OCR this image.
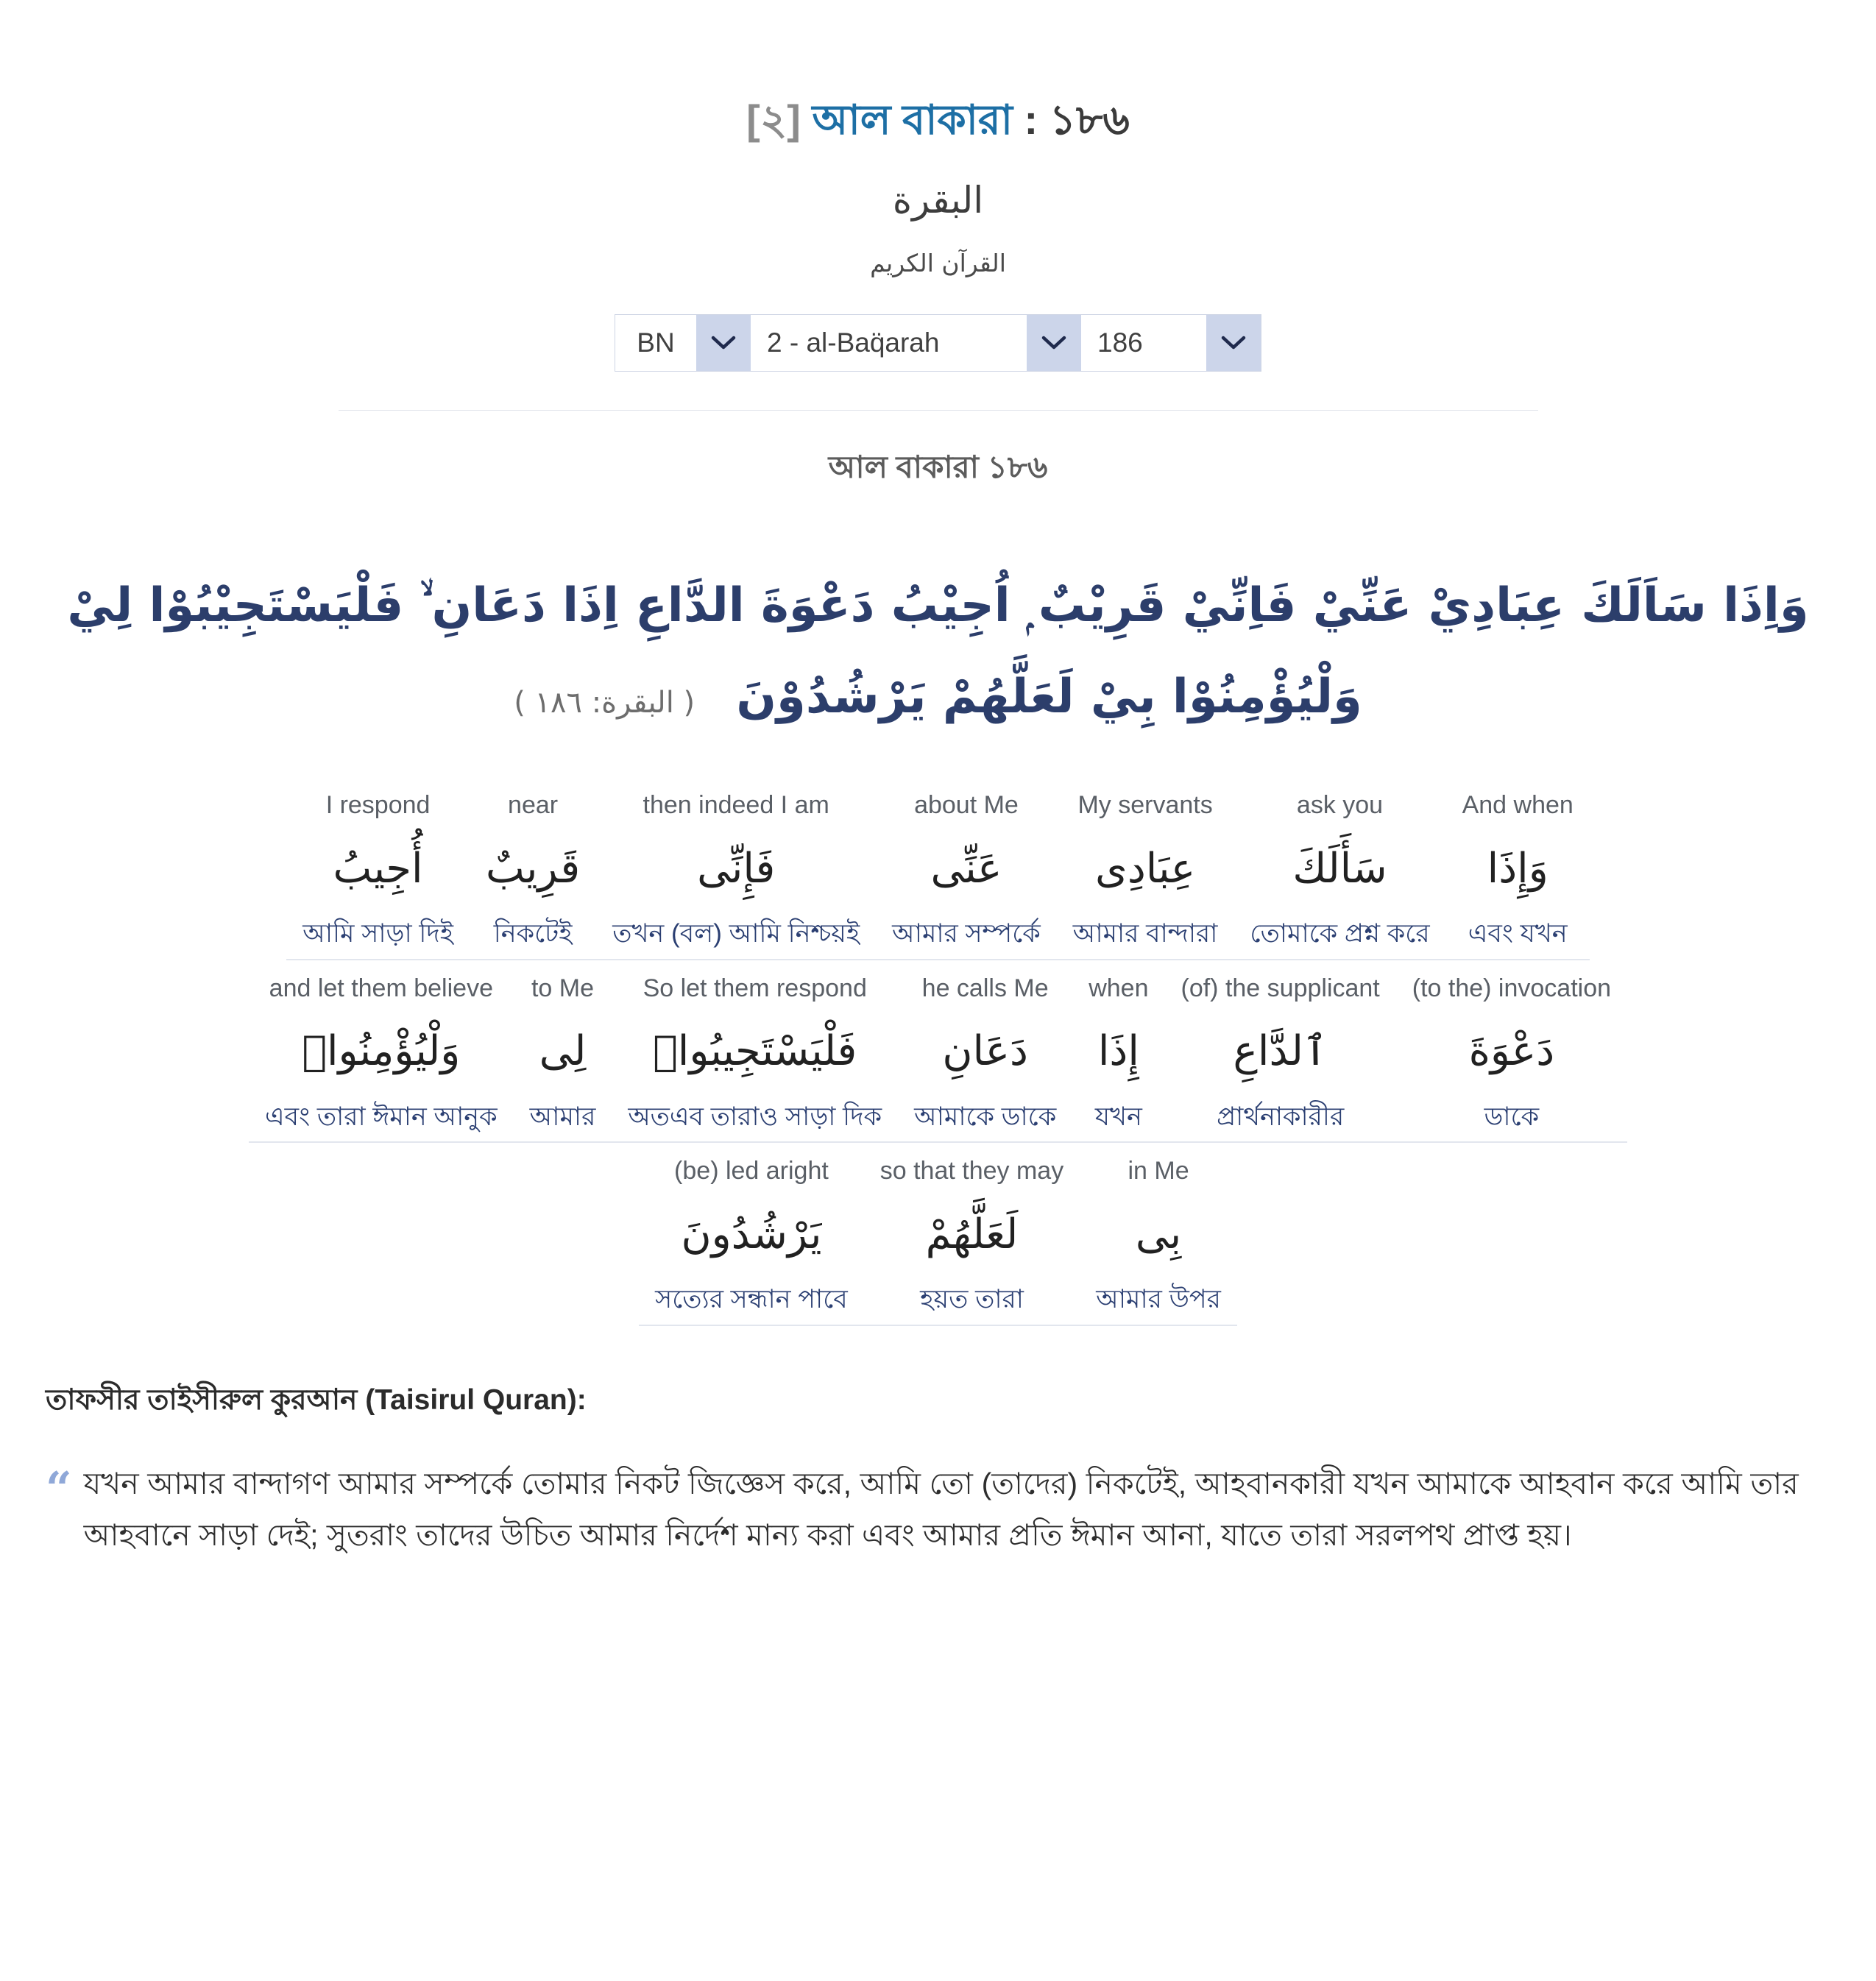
[২] আল বাকারা : ১৮৬
البقرة
القرآن الكريم
BN	2 - al-Baq̈arah	186
আল বাকারা ১৮৬
وَاِذَا سَاَلَكَ عِبَادِيْ عَنِّيْ فَاِنِّيْ قَرِيْبٌ ۭ اُجِيْبُ دَعْوَةَ الدَّاعِ اِذَا دَعَانِ ۙ فَلْيَسْتَجِيْبُوْا لِيْ وَلْيُؤْمِنُوْا بِيْ لَعَلَّهُمْ يَرْشُدُوْنَ ( البقرة: ١٨٦ )
And when
وَإِذَا
এবং যখন
ask you
سَأَلَكَ
তোমাকে প্রশ্ন করে
My servants
عِبَادِى
আমার বান্দারা
about Me
عَنِّى
আমার সম্পর্কে
then indeed I am
فَإِنِّى
তখন (বল) আমি নিশ্চয়ই
near
قَرِيبٌ
নিকটেই
I respond
أُجِيبُ
আমি সাড়া দিই
(to the) invocation
دَعْوَةَ
ডাকে
(of) the supplicant
ٱلدَّاعِ
প্রার্থনাকারীর
when
إِذَا
যখন
he calls Me
دَعَانِ
আমাকে ডাকে
So let them respond
فَلْيَسْتَجِيبُوا۟
অতএব তারাও সাড়া দিক
to Me
لِى
আমার
and let them believe
وَلْيُؤْمِنُوا۟
এবং তারা ঈমান আনুক
in Me
بِى
আমার উপর
so that they may
لَعَلَّهُمْ
হয়ত তারা
(be) led aright
يَرْشُدُونَ
সত্যের সন্ধান পাবে
তাফসীর তাইসীরুল কুরআন (Taisirul Quran):
“ যখন আমার বান্দাগণ আমার সম্পর্কে তোমার নিকট জিজ্ঞেস করে, আমি তো (তাদের) নিকটেই, আহবানকারী যখন আমাকে আহবান করে আমি তার আহবানে সাড়া দেই; সুতরাং তাদের উচিত আমার নির্দেশ মান্য করা এবং আমার প্রতি ঈমান আনা, যাতে তারা সরলপথ প্রাপ্ত হয়।
